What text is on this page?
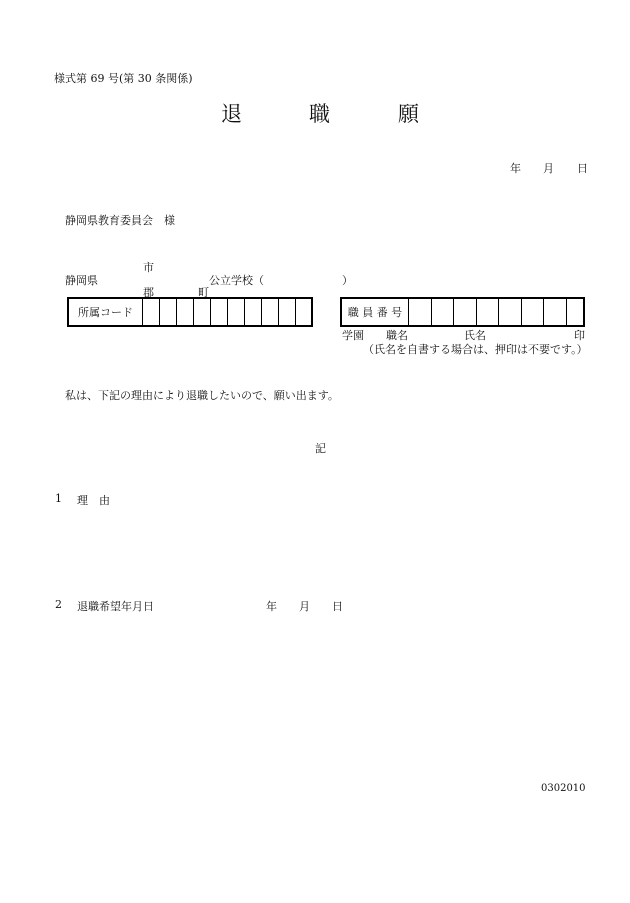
様式第 69 号(第 30 条関係)
退	職	願
年 月 日
静岡県教育委員会　様
市
静岡県	公立学校（	）
郡	町
所属コード	職 員 番 号
学園 職名	氏名	印
（氏名を自書する場合は、押印は不要です。）
私は、下記の理由により退職したいので、願い出ます。
記
1 理　由
2 退職希望年月日	年 月 日
0302010
